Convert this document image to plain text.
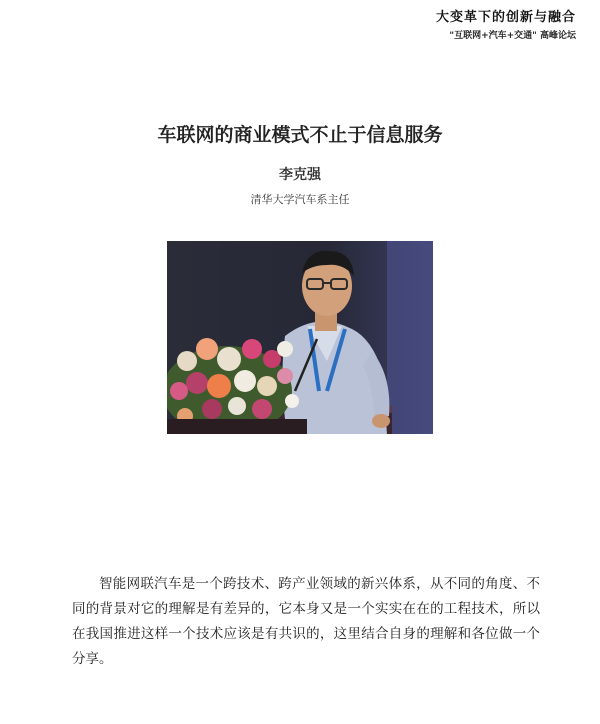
大变革下的创新与融合
"互联网+汽车+交通" 高峰论坛
车联网的商业模式不止于信息服务
李克强
清华大学汽车系主任

智能网联汽车是一个跨技术、跨产业领域的新兴体系，从不同的角度、不同的背景对它的理解是有差异的，它本身又是一个实实在在的工程技术，所以在我国推进这样一个技术应该是有共识的，这里结合自身的理解和各位做一个分享。
